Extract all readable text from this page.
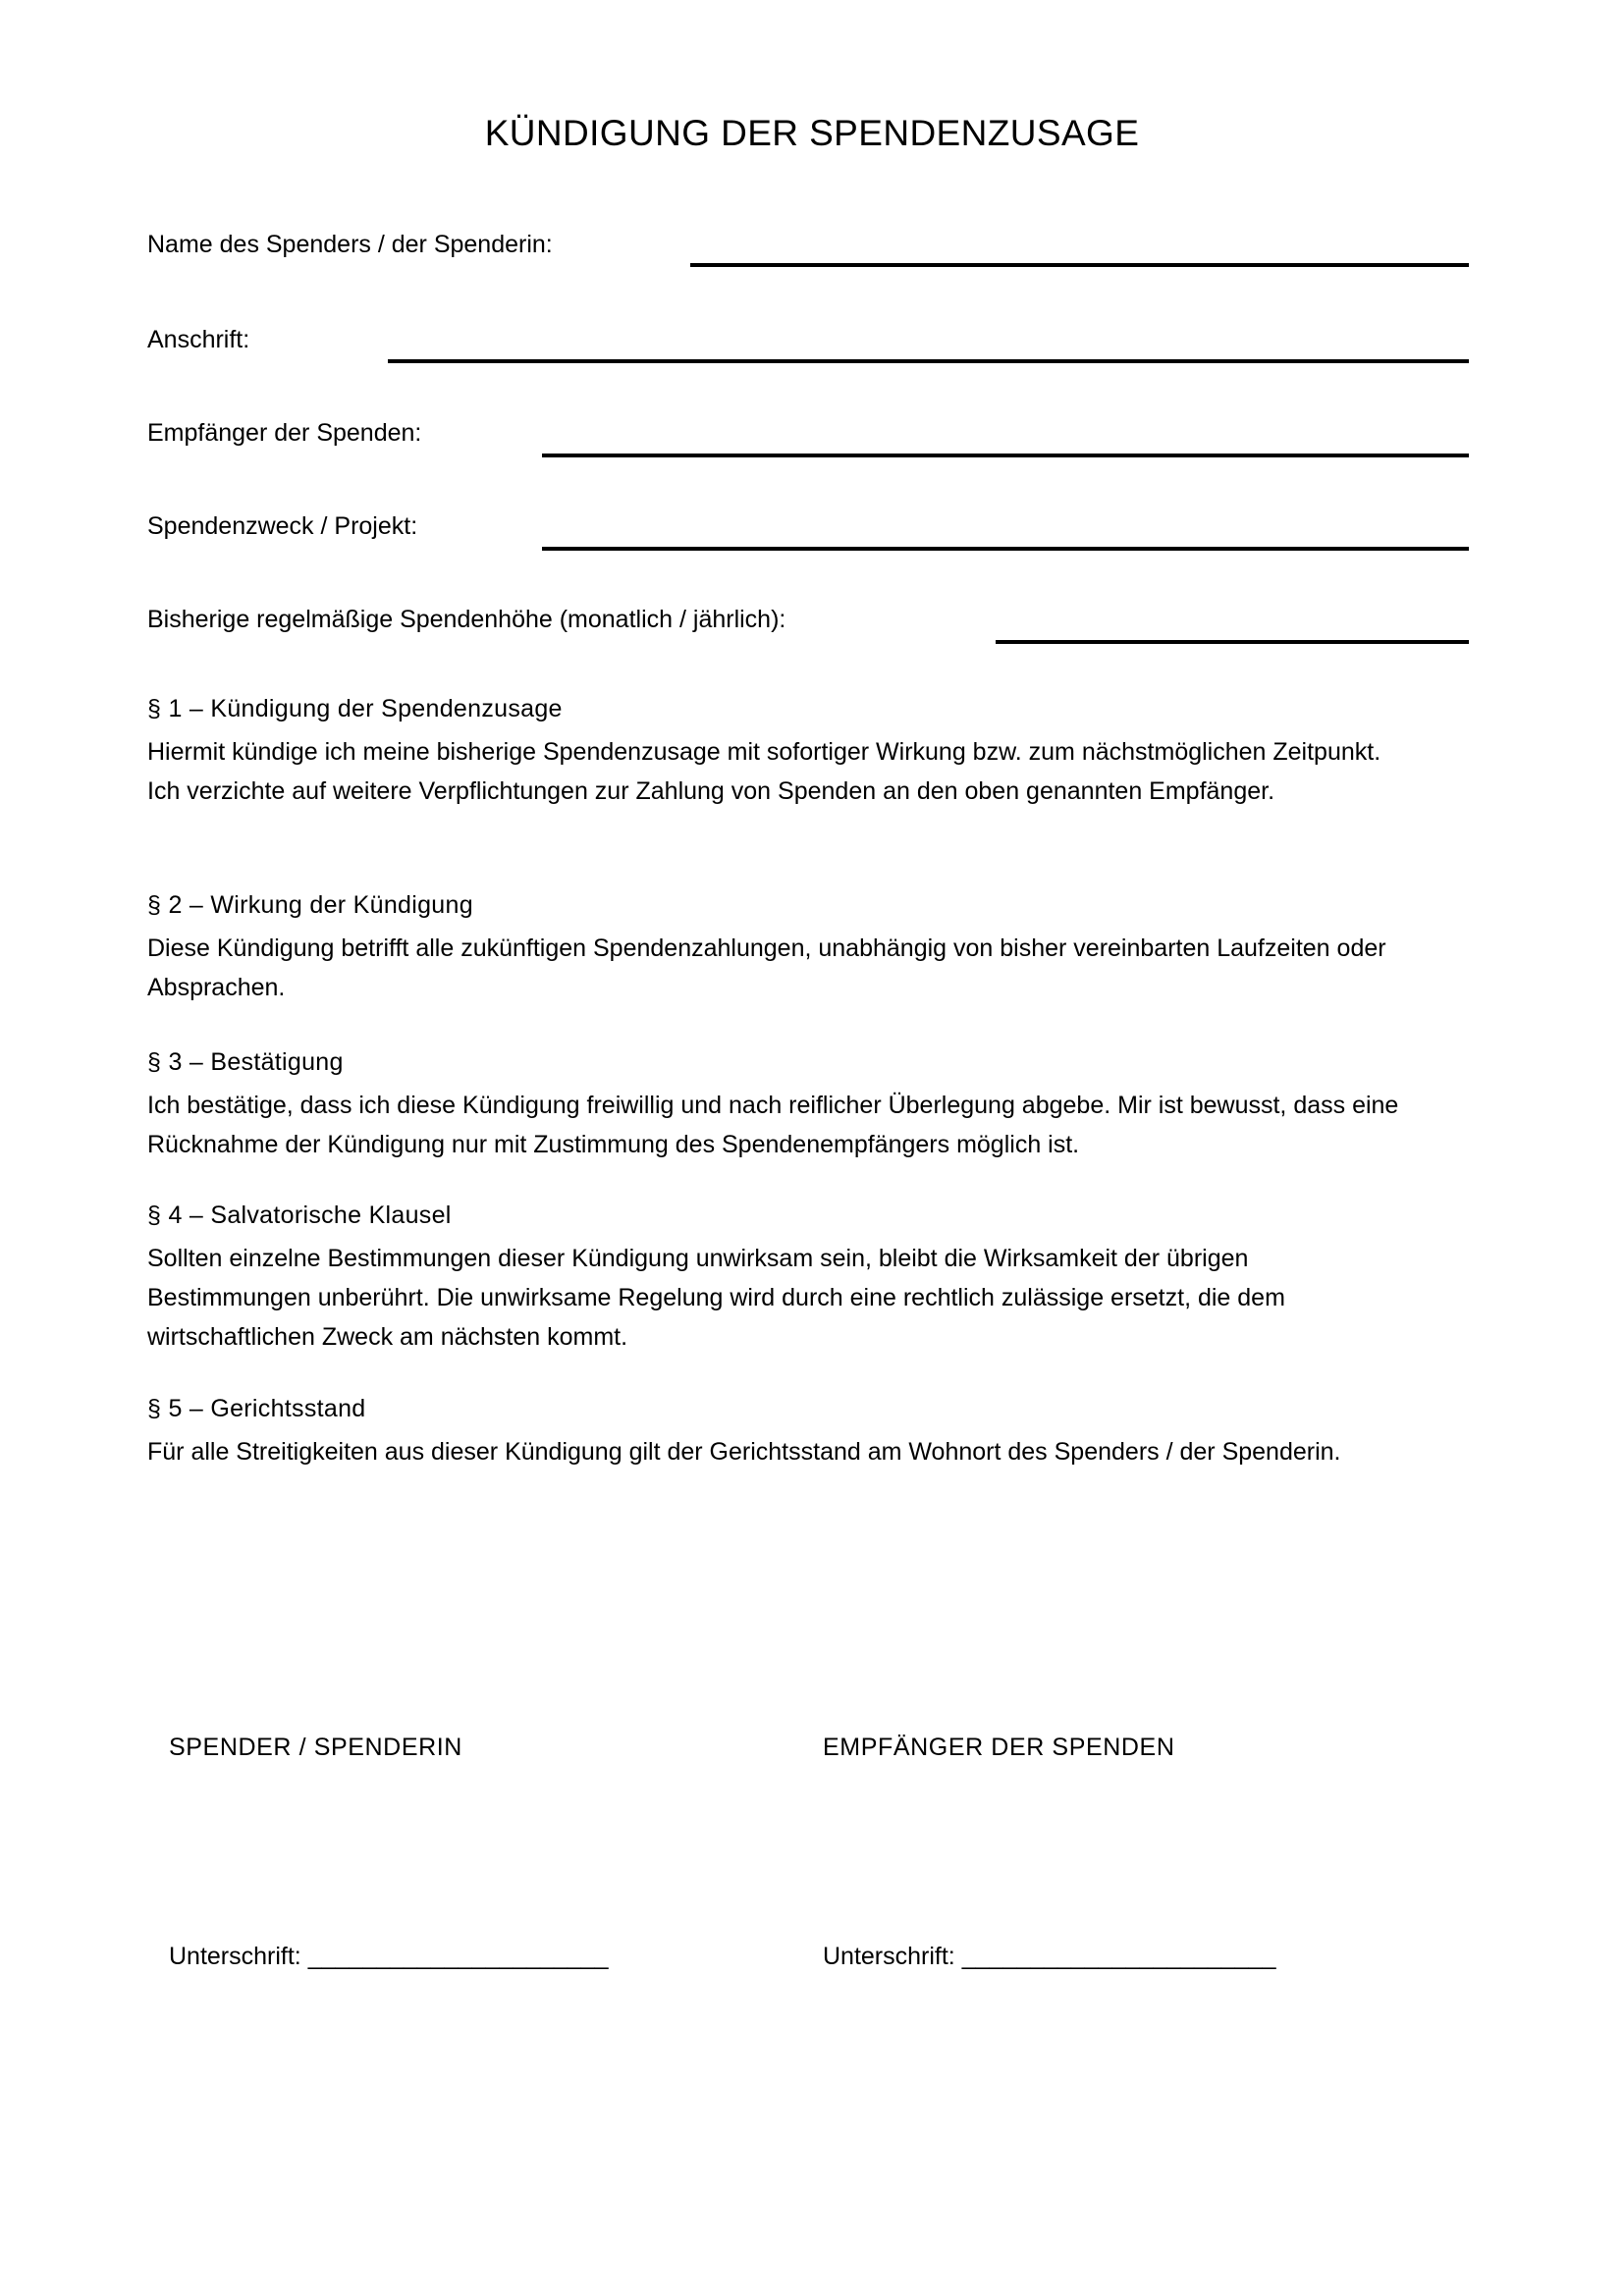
KÜNDIGUNG DER SPENDENZUSAGE
Name des Spenders / der Spenderin:
Anschrift:
Empfänger der Spenden:
Spendenzweck / Projekt:
Bisherige regelmäßige Spendenhöhe (monatlich / jährlich):

§ 1 – Kündigung der Spendenzusage

Hiermit kündige ich meine bisherige Spendenzusage mit sofortiger Wirkung bzw. zum nächstmöglichen Zeitpunkt. Ich verzichte auf weitere Verpflichtungen zur Zahlung von Spenden an den oben genannten Empfänger.

§ 2 – Wirkung der Kündigung

Diese Kündigung betrifft alle zukünftigen Spendenzahlungen, unabhängig von bisher vereinbarten Laufzeiten oder Absprachen.

§ 3 – Bestätigung

Ich bestätige, dass ich diese Kündigung freiwillig und nach reiflicher Überlegung abgebe. Mir ist bewusst, dass eine Rücknahme der Kündigung nur mit Zustimmung des Spendenempfängers möglich ist.

§ 4 – Salvatorische Klausel

Sollten einzelne Bestimmungen dieser Kündigung unwirksam sein, bleibt die Wirksamkeit der übrigen Bestimmungen unberührt. Die unwirksame Regelung wird durch eine rechtlich zulässige ersetzt, die dem wirtschaftlichen Zweck am nächsten kommt.

§ 5 – Gerichtsstand

Für alle Streitigkeiten aus dieser Kündigung gilt der Gerichtsstand am Wohnort des Spenders / der Spenderin.

SPENDER / SPENDERIN	EMPFÄNGER DER SPENDEN
Unterschrift: ______________________	Unterschrift: _______________________
